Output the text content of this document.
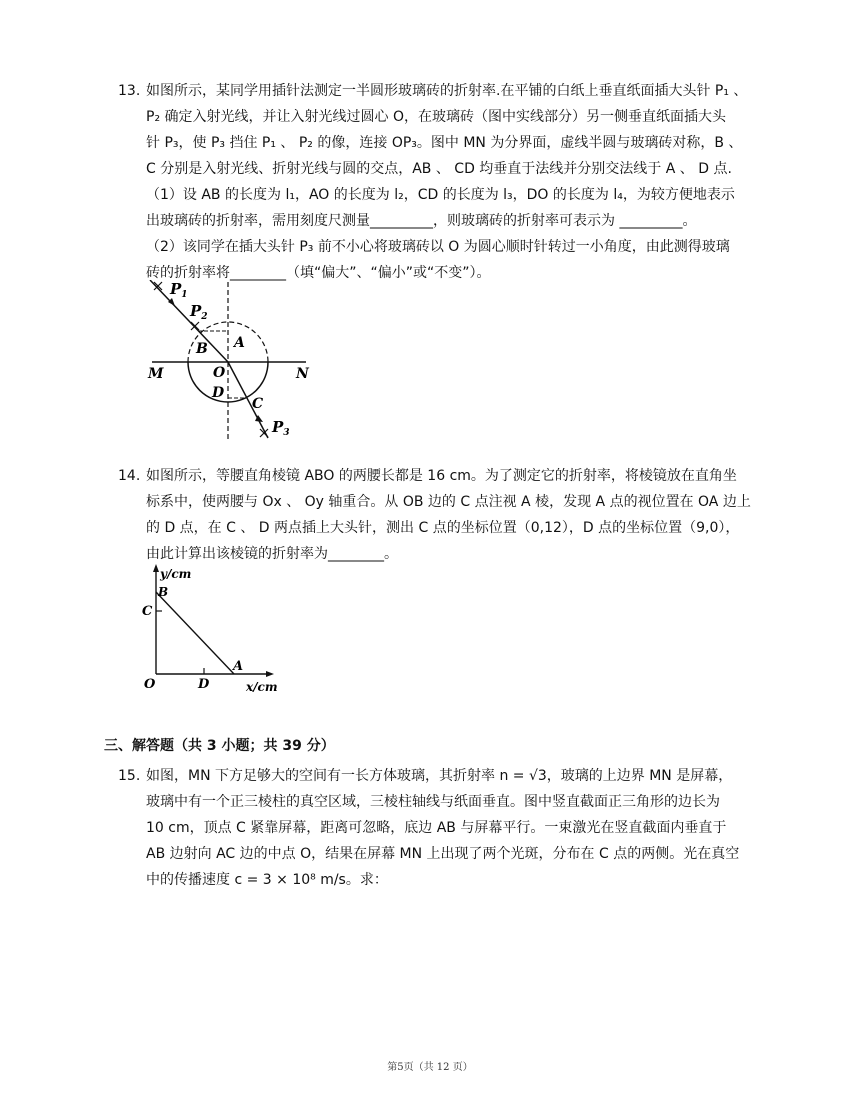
13. 如图所示，某同学用插针法测定一半圆形玻璃砖的折射率.在平铺的白纸上垂直纸面插大头针 P₁ 、
P₂ 确定入射光线，并让入射光线过圆心 O，在玻璃砖（图中实线部分）另一侧垂直纸面插大头
针 P₃，使 P₃ 挡住 P₁ 、 P₂ 的像，连接 OP₃。图中 MN 为分界面，虚线半圆与玻璃砖对称，B 、
C 分别是入射光线、折射光线与圆的交点，AB 、 CD 均垂直于法线并分别交法线于 A 、 D 点.
（1）设 AB 的长度为 l₁，AO 的长度为 l₂，CD 的长度为 l₃，DO 的长度为 l₄，为较方便地表示
出玻璃砖的折射率，需用刻度尺测量_________，则玻璃砖的折射率可表示为 _________。
（2）该同学在插大头针 P₃ 前不小心将玻璃砖以 O 为圆心顺时针转过一小角度，由此测得玻璃
砖的折射率将________（填“偏大”、“偏小”或“不变”）。
$P_1$
$P_2$
B A
M	O	N
D
C
$P_3$
14. 如图所示，等腰直角棱镜 ABO 的两腰长都是 16 cm。为了测定它的折射率，将棱镜放在直角坐
标系中，使两腰与 Ox 、 Oy 轴重合。从 OB 边的 C 点注视 A 棱，发现 A 点的视位置在 OA 边上
的 D 点，在 C 、 D 两点插上大头针，测出 C 点的坐标位置（0,12），D 点的坐标位置（9,0），
由此计算出该棱镜的折射率为________。
y/cm
B
C
O	D
A
x/cm
三、解答题（共 3 小题；共 39 分）
15. 如图，MN 下方足够大的空间有一长方体玻璃，其折射率 n = √3，玻璃的上边界 MN 是屏幕，
玻璃中有一个正三棱柱的真空区域，三棱柱轴线与纸面垂直。图中竖直截面正三角形的边长为
10 cm，顶点 C 紧靠屏幕，距离可忽略，底边 AB 与屏幕平行。一束激光在竖直截面内垂直于
AB 边射向 AC 边的中点 O，结果在屏幕 MN 上出现了两个光斑，分布在 C 点的两侧。光在真空
中的传播速度 c = 3 × 10⁸ m/s。求：
第5页（共 12 页）
